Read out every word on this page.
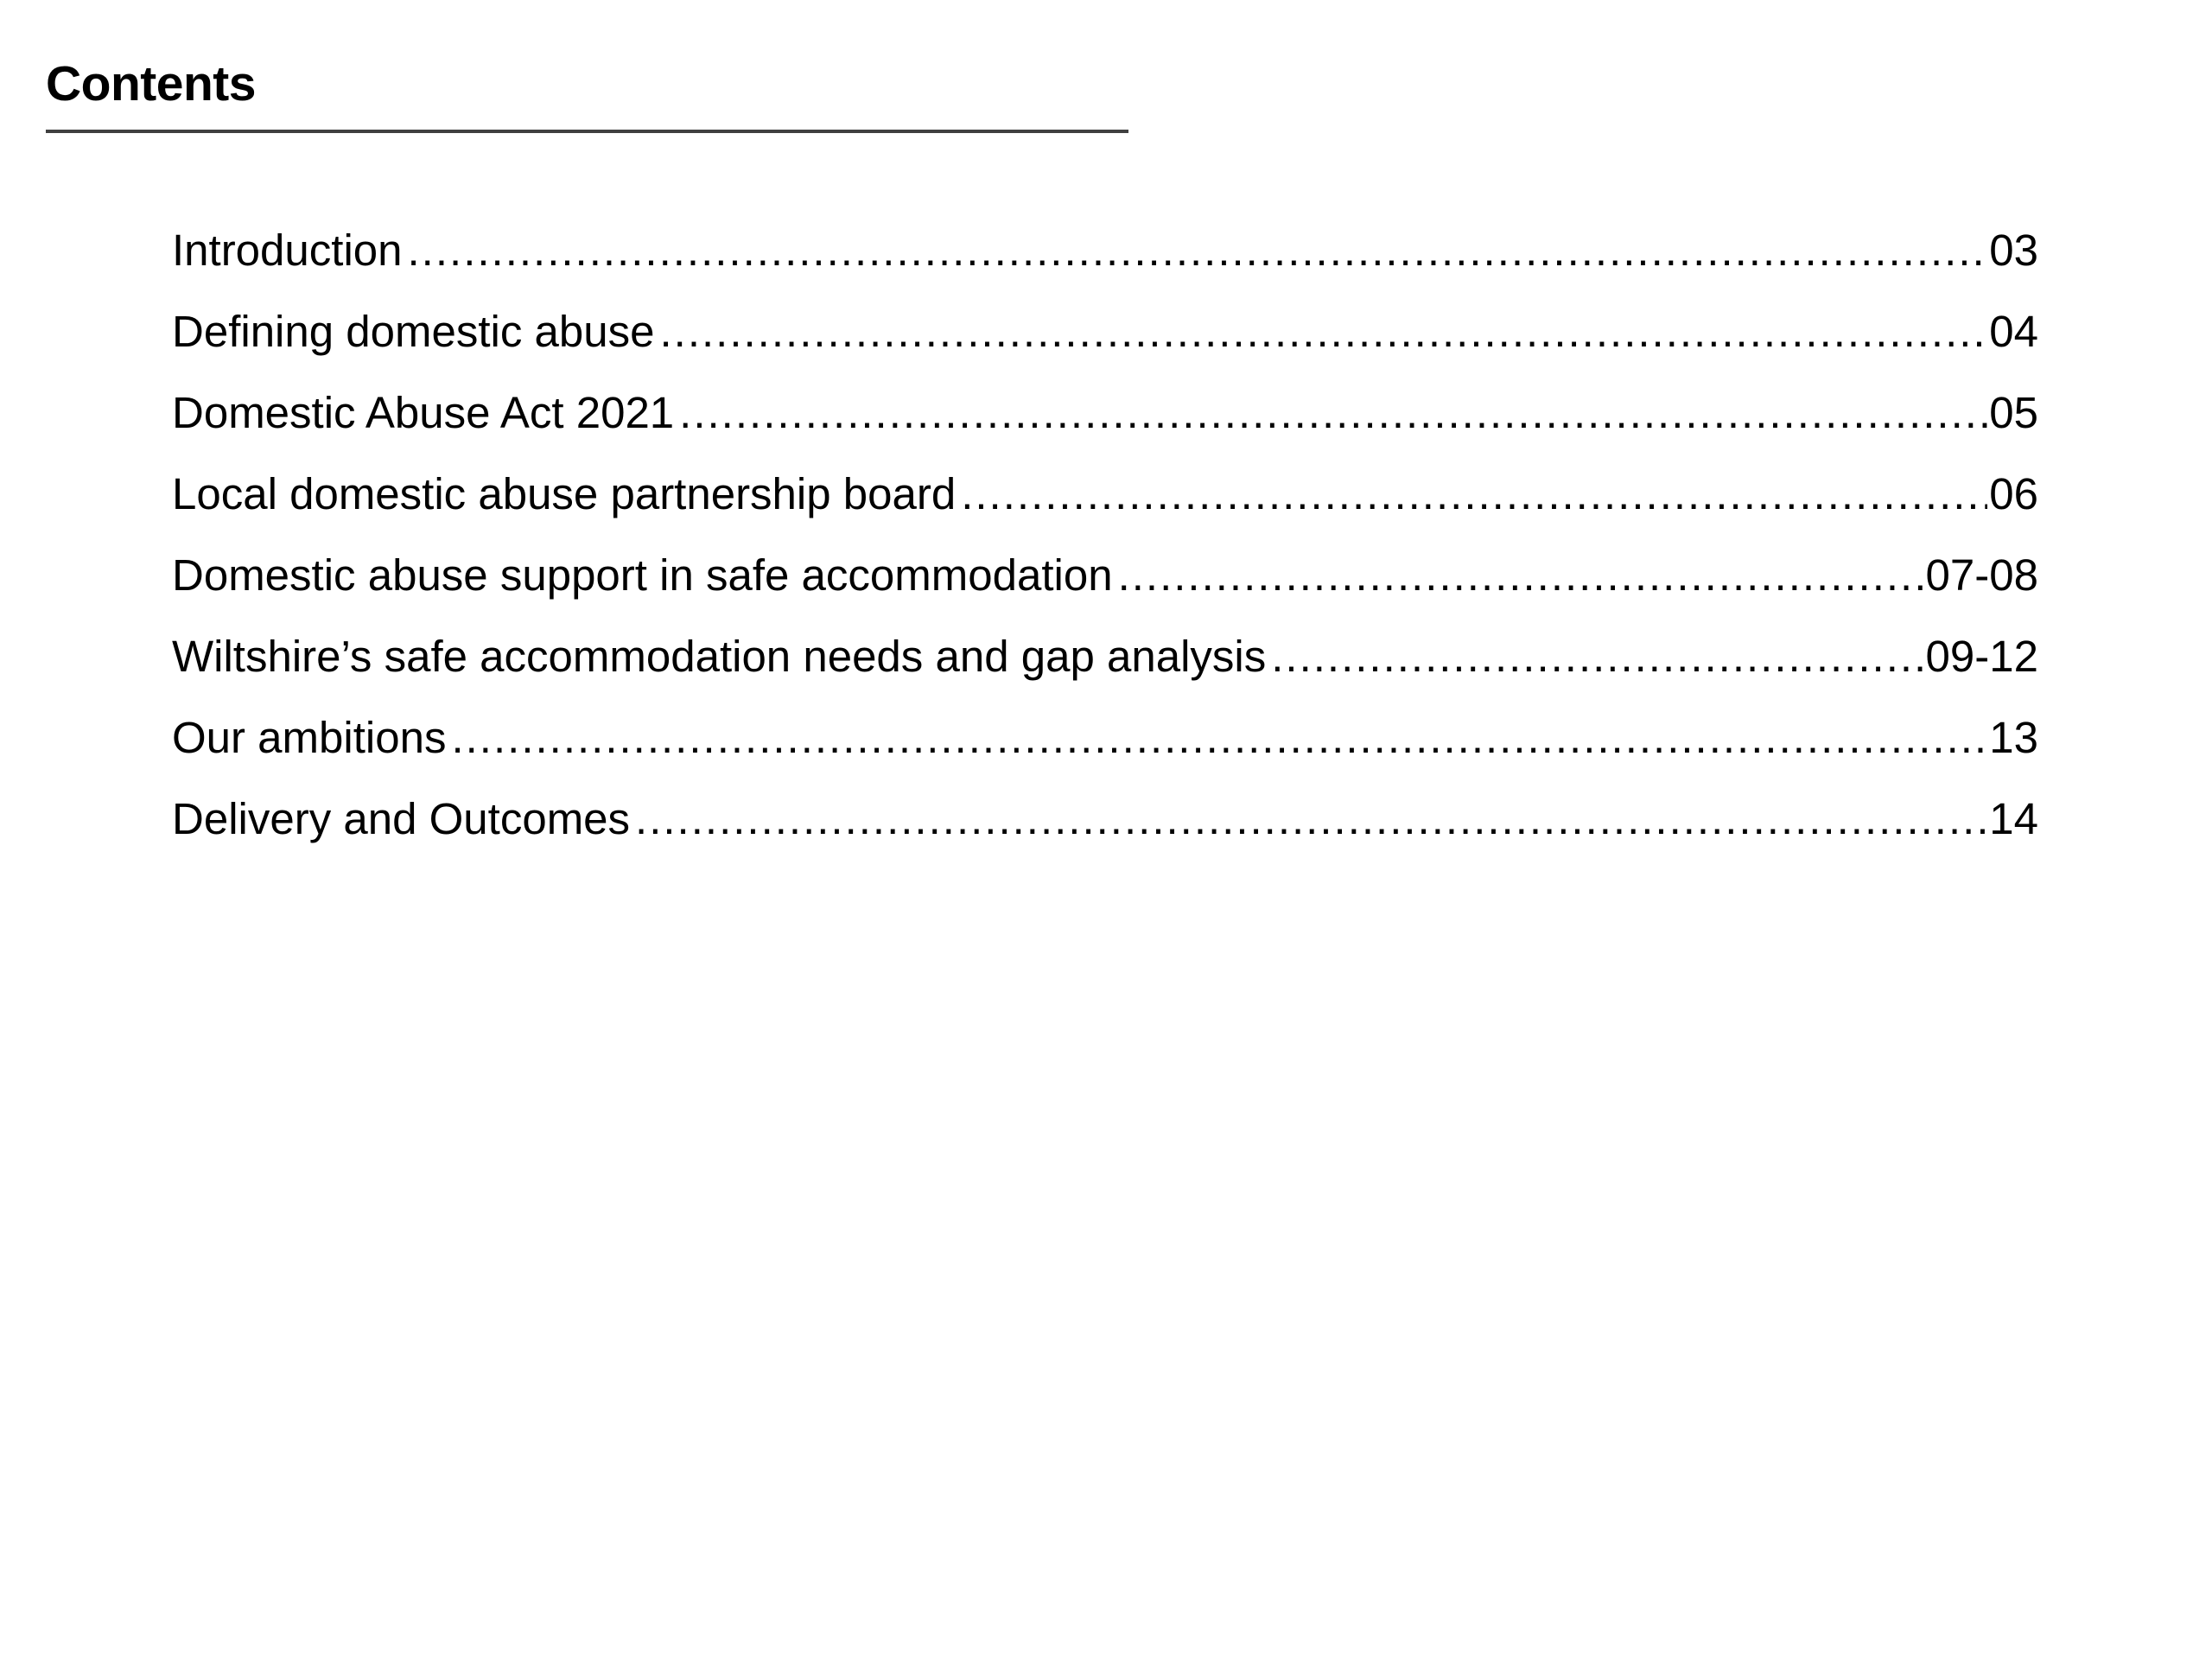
Contents
Introduction .....	03
Defining domestic abuse .....	04
Domestic Abuse Act 2021 .....	05
Local domestic abuse partnership board .....	06
Domestic abuse support in safe accommodation .....	07-08
Wiltshire’s safe accommodation needs and gap analysis .....	09-12
Our ambitions .....	13
Delivery and Outcomes .....	14
